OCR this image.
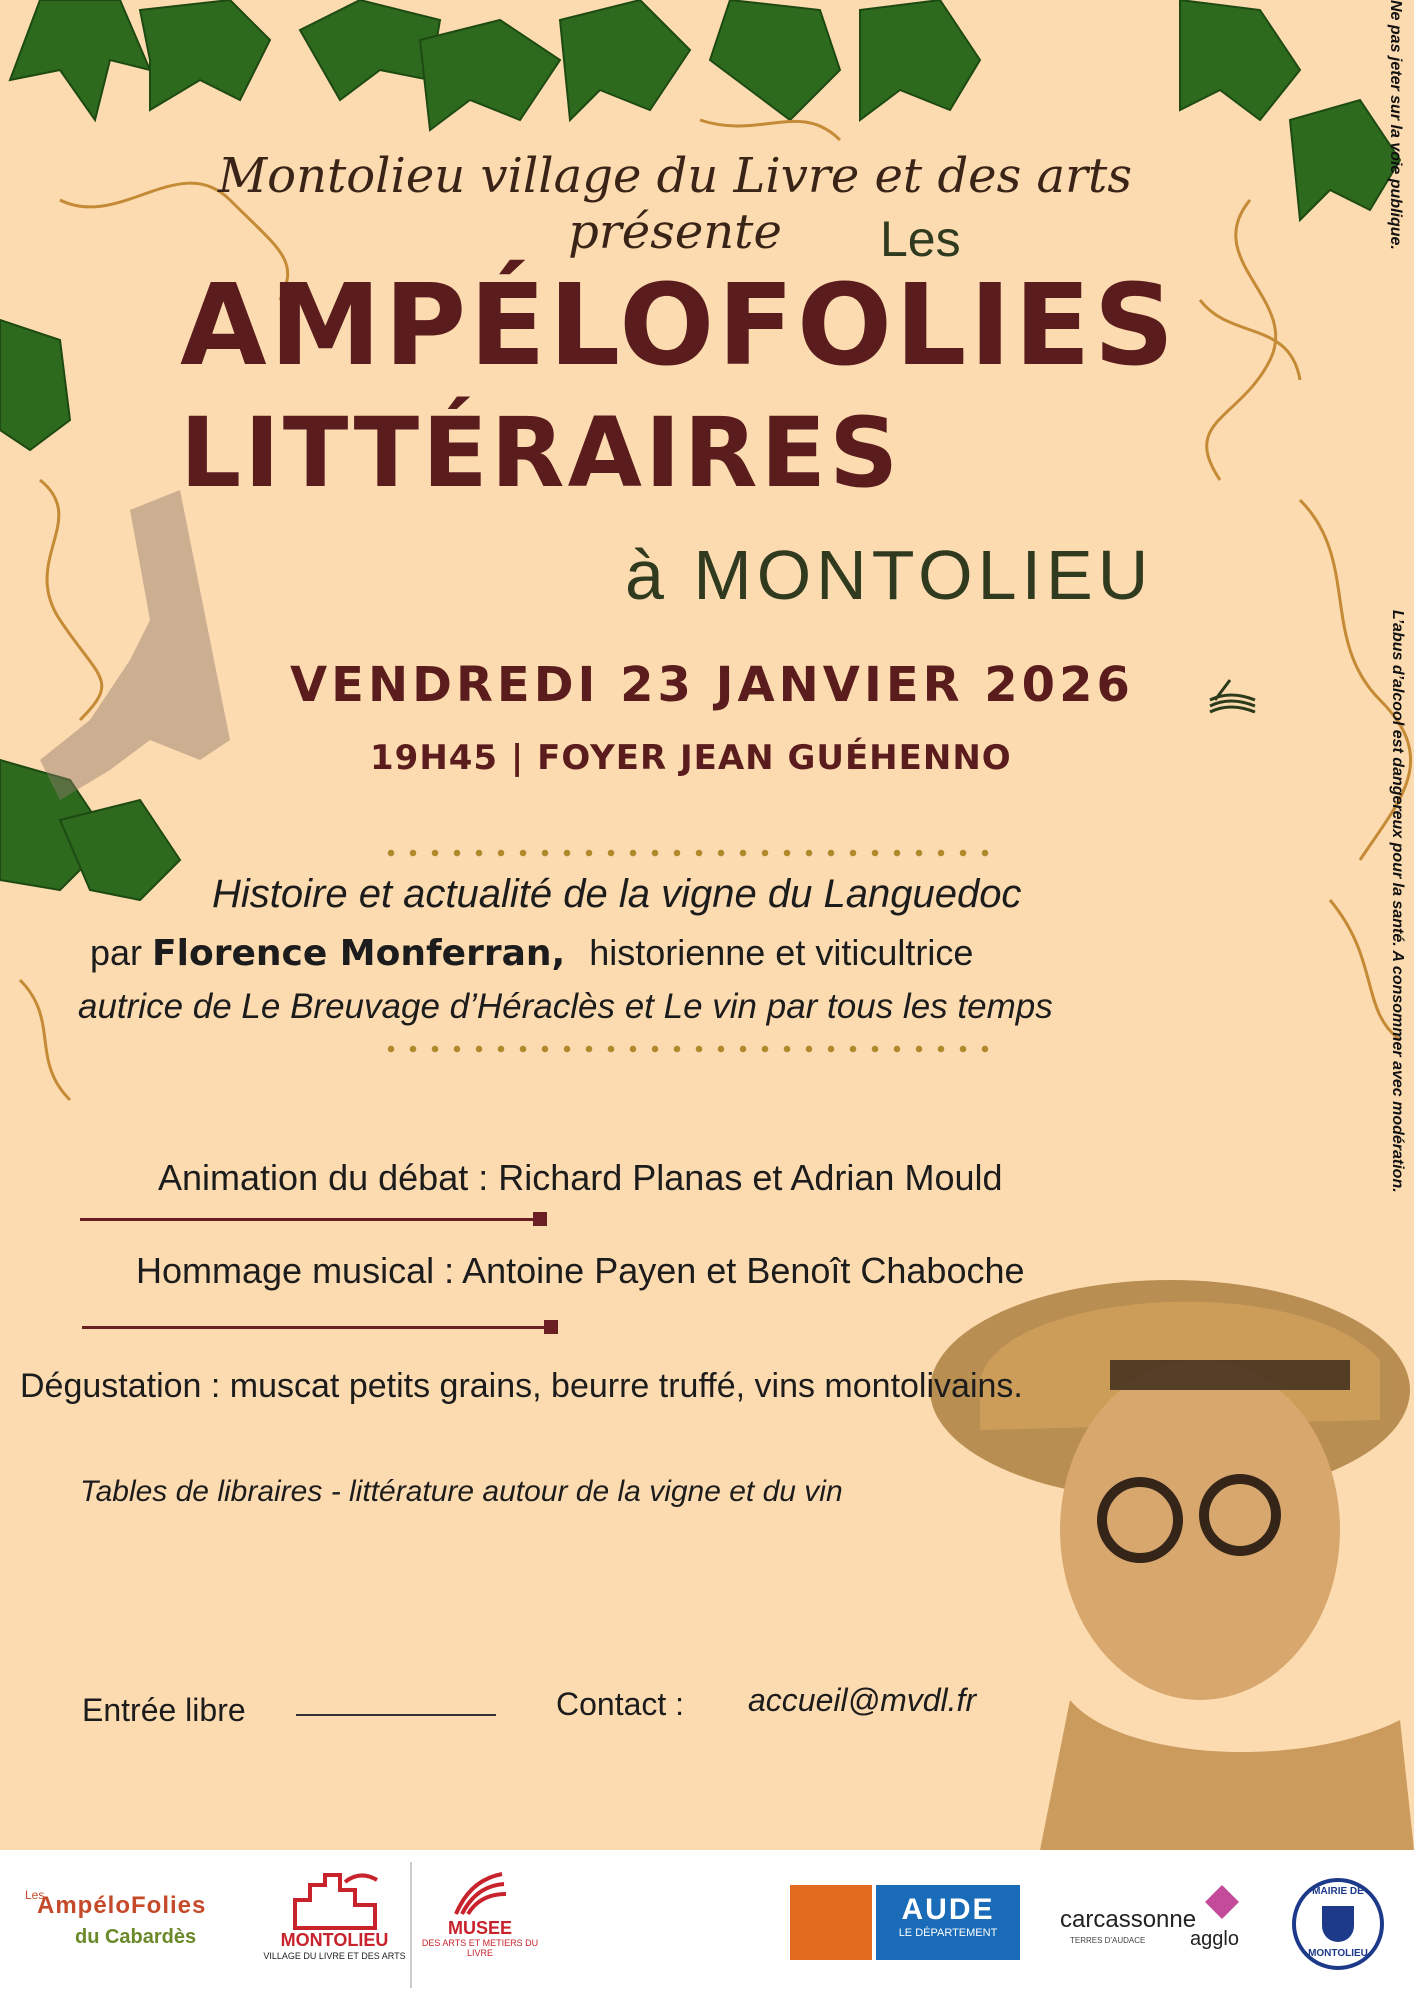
Montolieu village du Livre et des arts présente	Les
AMPÉLOFOLIES
LITTÉRAIRES
à MONTOLIEU
VENDREDI 23 JANVIER 2026
19H45 | FOYER JEAN GUÉHENNO
Histoire et actualité de la vigne du Languedoc
par Florence Monferran, historienne et viticultrice
autrice de Le Breuvage d’Héraclès et Le vin par tous les temps
Animation du débat : Richard Planas et Adrian Mould
Hommage musical : Antoine Payen et Benoît Chaboche
Dégustation : muscat petits grains, beurre truffé, vins montolivains.
Tables de libraires - littérature autour de la vigne et du vin
Entrée libre	Contact : accueil@mvdl.fr
Ne pas jeter sur la voie publique.
L’abus d’alcool est dangereux pour la santé. A consommer avec modération.
Les
AmpéloFolies
du Cabardès	MONTOLIEU
VILLAGE DU LIVRE ET DES ARTS
MUSEE
DES ARTS ET METIERS DU LIVRE
AUDE
LE DÉPARTEMENT	carcassonne
agglo
TERRES D'AUDACE
MAIRIE DE
MONTOLIEU
